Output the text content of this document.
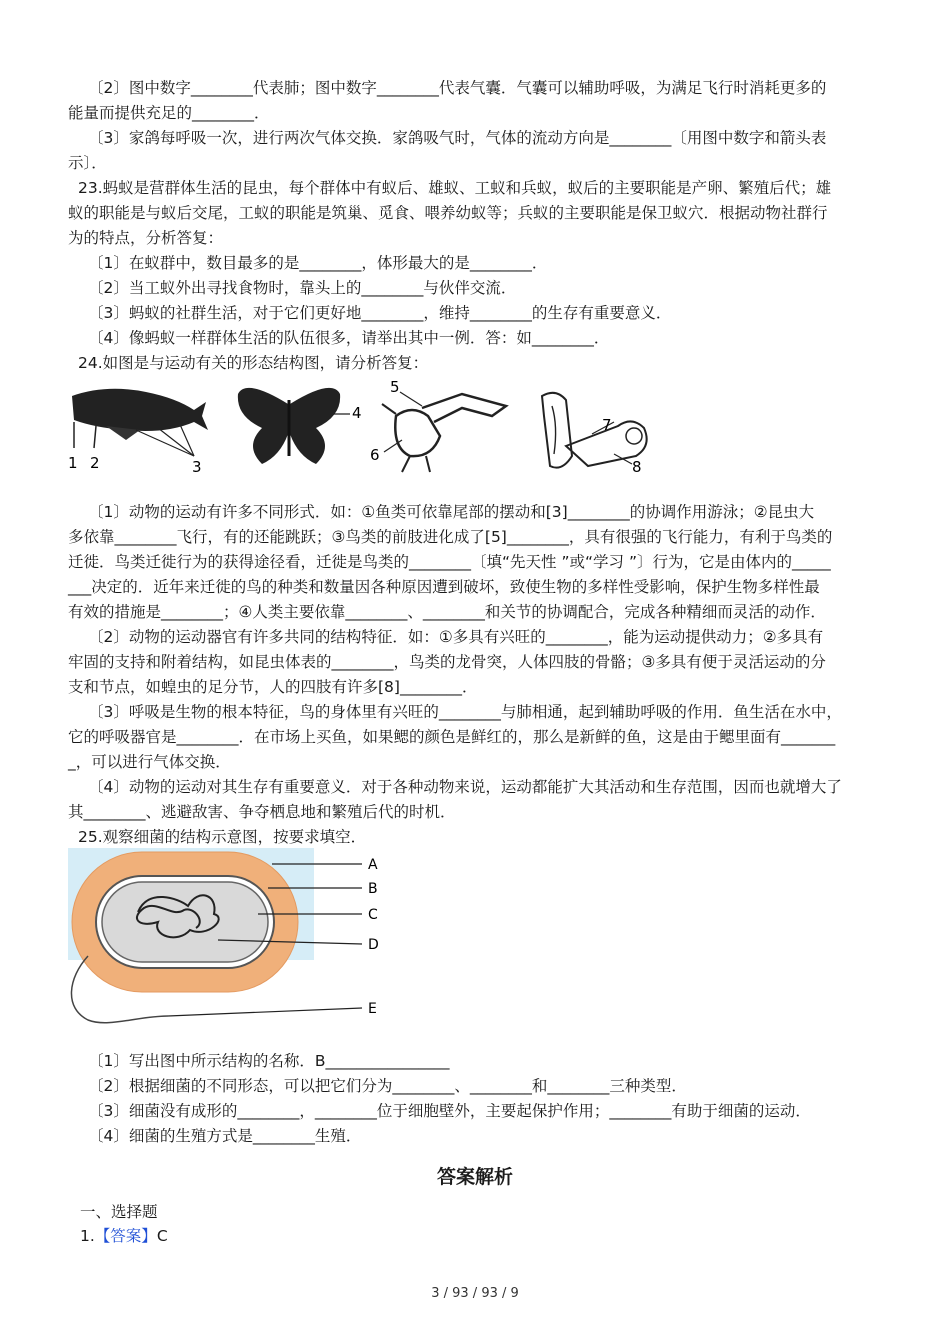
〔2〕图中数字________代表肺；图中数字________代表气囊．气囊可以辅助呼吸，为满足飞行时消耗更多的
能量而提供充足的________．
〔3〕家鸽每呼吸一次，进行两次气体交换．家鸽吸气时，气体的流动方向是________〔用图中数字和箭头表
示〕．
23.蚂蚁是营群体生活的昆虫，每个群体中有蚁后、雄蚁、工蚁和兵蚁，蚁后的主要职能是产卵、繁殖后代；雄
蚁的职能是与蚁后交尾，工蚁的职能是筑巢、觅食、喂养幼蚁等；兵蚁的主要职能是保卫蚁穴．根据动物社群行
为的特点，分析答复：
〔1〕在蚁群中，数目最多的是________，体形最大的是________．
〔2〕当工蚁外出寻找食物时，靠头上的________与伙伴交流．
〔3〕蚂蚁的社群生活，对于它们更好地________，维持________的生存有重要意义．
〔4〕像蚂蚁一样群体生活的队伍很多，请举出其中一例．答：如________．
24.如图是与运动有关的形态结构图，请分析答复：
1 2	3
4
5
6
7
8
〔1〕动物的运动有许多不同形式．如：①鱼类可依靠尾部的摆动和[3]________的协调作用游泳；②昆虫大
多依靠________飞行，有的还能跳跃；③鸟类的前肢进化成了[5]________，具有很强的飞行能力，有利于鸟类的
迁徙．鸟类迁徙行为的获得途径看，迁徙是鸟类的________〔填“先天性 ”或“学习 ”〕行为，它是由体内的_____
___决定的．近年来迁徙的鸟的种类和数量因各种原因遭到破坏，致使生物的多样性受影响，保护生物多样性最
有效的措施是________；④人类主要依靠________、________和关节的协调配合，完成各种精细而灵活的动作．
〔2〕动物的运动器官有许多共同的结构特征．如：①多具有兴旺的________，能为运动提供动力；②多具有
牢固的支持和附着结构，如昆虫体表的________，鸟类的龙骨突，人体四肢的骨骼；③多具有便于灵活运动的分
支和节点，如蝗虫的足分节，人的四肢有许多[8]________．
〔3〕呼吸是生物的根本特征，鸟的身体里有兴旺的________与肺相通，起到辅助呼吸的作用．鱼生活在水中，
它的呼吸器官是________．在市场上买鱼，如果鳃的颜色是鲜红的，那么是新鲜的鱼，这是由于鳃里面有_______
_，可以进行气体交换．
〔4〕动物的运动对其生存有重要意义．对于各种动物来说，运动都能扩大其活动和生存范围，因而也就增大了
其________、逃避敌害、争夺栖息地和繁殖后代的时机．
25.观察细菌的结构示意图，按要求填空．
A
B
C
D
E
〔1〕写出图中所示结构的名称．B________________
〔2〕根据细菌的不同形态，可以把它们分为________、________和________三种类型．
〔3〕细菌没有成形的________，________位于细胞壁外，主要起保护作用；________有助于细菌的运动．
〔4〕细菌的生殖方式是________生殖．
答案解析
一、选择题
1.【答案】C
3 / 93 / 93 / 9
